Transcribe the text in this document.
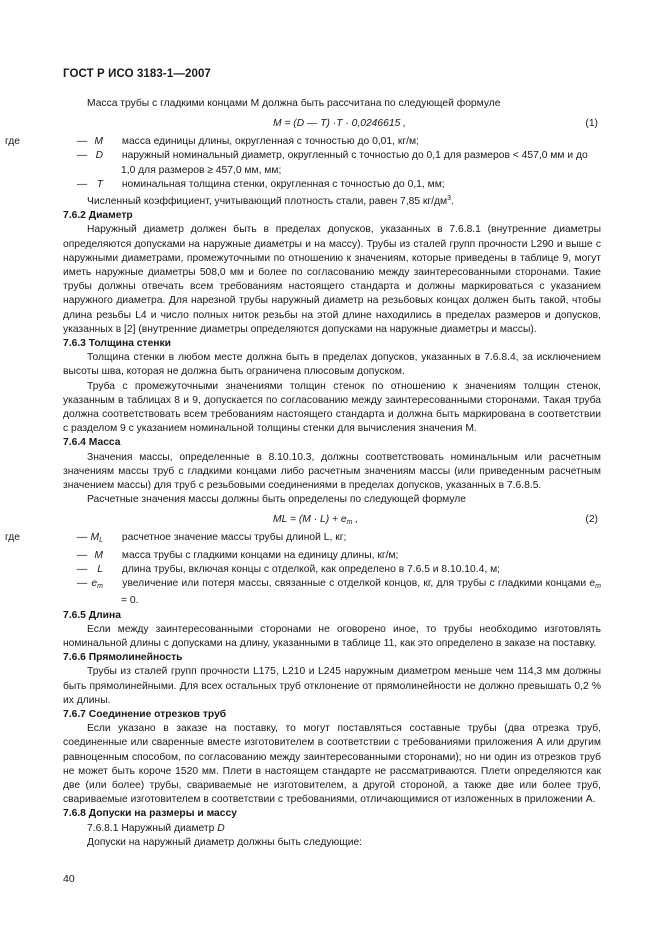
ГОСТ Р ИСО 3183-1—2007

Масса трубы с гладкими концами М должна быть рассчитана по следующей формуле

M = (D — T) ·T · 0,0246615 ,	(1)

где	M—	масса единицы длины, округленная с точностью до 0,01, кг/м;

D—	наружный номинальный диаметр, округленный с точностью до 0,1 для размеров < 457,0 мм и до 1,0 для размеров ≥ 457,0 мм, мм;

T—	номинальная толщина стенки, округленная с точностью до 0,1, мм;

Численный коэффициент, учитывающий плотность стали, равен 7,85 $кг/дм^3$.

7.6.2 Диаметр

Наружный диаметр должен быть в пределах допусков, указанных в 7.6.8.1 (внутренние диаметры определяются допусками на наружные диаметры и на массу). Трубы из сталей групп прочности L290 и выше с наружными диаметрами, промежуточными по отношению к значениям, которые приведены в таблице 9, могут иметь наружные диаметры 508,0 мм и более по согласованию между заинтересованными сторонами. Такие трубы должны отвечать всем требованиям настоящего стандарта и должны маркироваться с указанием наружного диаметра. Для нарезной трубы наружный диаметр на резьбовых концах должен быть такой, чтобы длина резьбы L4 и число полных ниток резьбы на этой длине находились в пределах размеров и допусков, указанных в [2] (внутренние диаметры определяются допусками на наружные диаметры и массы).

7.6.3 Толщина стенки

Толщина стенки в любом месте должна быть в пределах допусков, указанных в 7.6.8.4, за исключением высоты шва, которая не должна быть ограничена плюсовым допуском.

Труба с промежуточными значениями толщин стенок по отношению к значениям толщин стенок, указанным в таблицах 8 и 9, допускается по согласованию между заинтересованными сторонами. Такая труба должна соответствовать всем требованиям настоящего стандарта и должна быть маркирована в соответствии с разделом 9 с указанием номинальной толщины стенки для вычисления значения М.

7.6.4 Масса

Значения массы, определенные в 8.10.10.3, должны соответствовать номинальным или расчетным значениям массы труб с гладкими концами либо расчетным значениям массы (или приведенным расчетным значением массы) для труб с резьбовыми соединениями в пределах допусков, указанных в 7.6.8.5.

Расчетные значения массы должны быть определены по следующей формуле

ML = $(M \cdot L) + e_m$ ,	(2)

где	$M_L—$	расчетное значение массы трубы длиной L, кг;

M—	масса трубы с гладкими концами на единицу длины, кг/м;

L—	длина трубы, включая концы с отделкой, как определено в 7.6.5 и 8.10.10.4, м;

$e_m—$	увеличение или потеря массы, связанные с отделкой концов, кг, для трубы с гладкими концами $e_m = 0$.

7.6.5 Длина

Если между заинтересованными сторонами не оговорено иное, то трубы необходимо изготовлять номинальной длины с допусками на длину, указанными в таблице 11, как это определено в заказе на поставку.

7.6.6 Прямолинейность

Трубы из сталей групп прочности L175, L210 и L245 наружным диаметром меньше чем 114,3 мм должны быть прямолинейными. Для всех остальных труб отклонение от прямолинейности не должно превышать 0,2 % их длины.

7.6.7 Соединение отрезков труб

Если указано в заказе на поставку, то могут поставляться составные трубы (два отрезка труб, соединенные или сваренные вместе изготовителем в соответствии с требованиями приложения А или другим равноценным способом, по согласованию между заинтересованными сторонами); но ни один из отрезков труб не может быть короче 1520 мм. Плети в настоящем стандарте не рассматриваются. Плети определяются как две (или более) трубы, свариваемые не изготовителем, а другой стороной, а также две или более труб, свариваемые изготовителем в соответствии с требованиями, отличающимися от изложенных в приложении А.

7.6.8 Допуски на размеры и массу

7.6.8.1 Наружный диаметр D

Допуски на наружный диаметр должны быть следующие:

40
